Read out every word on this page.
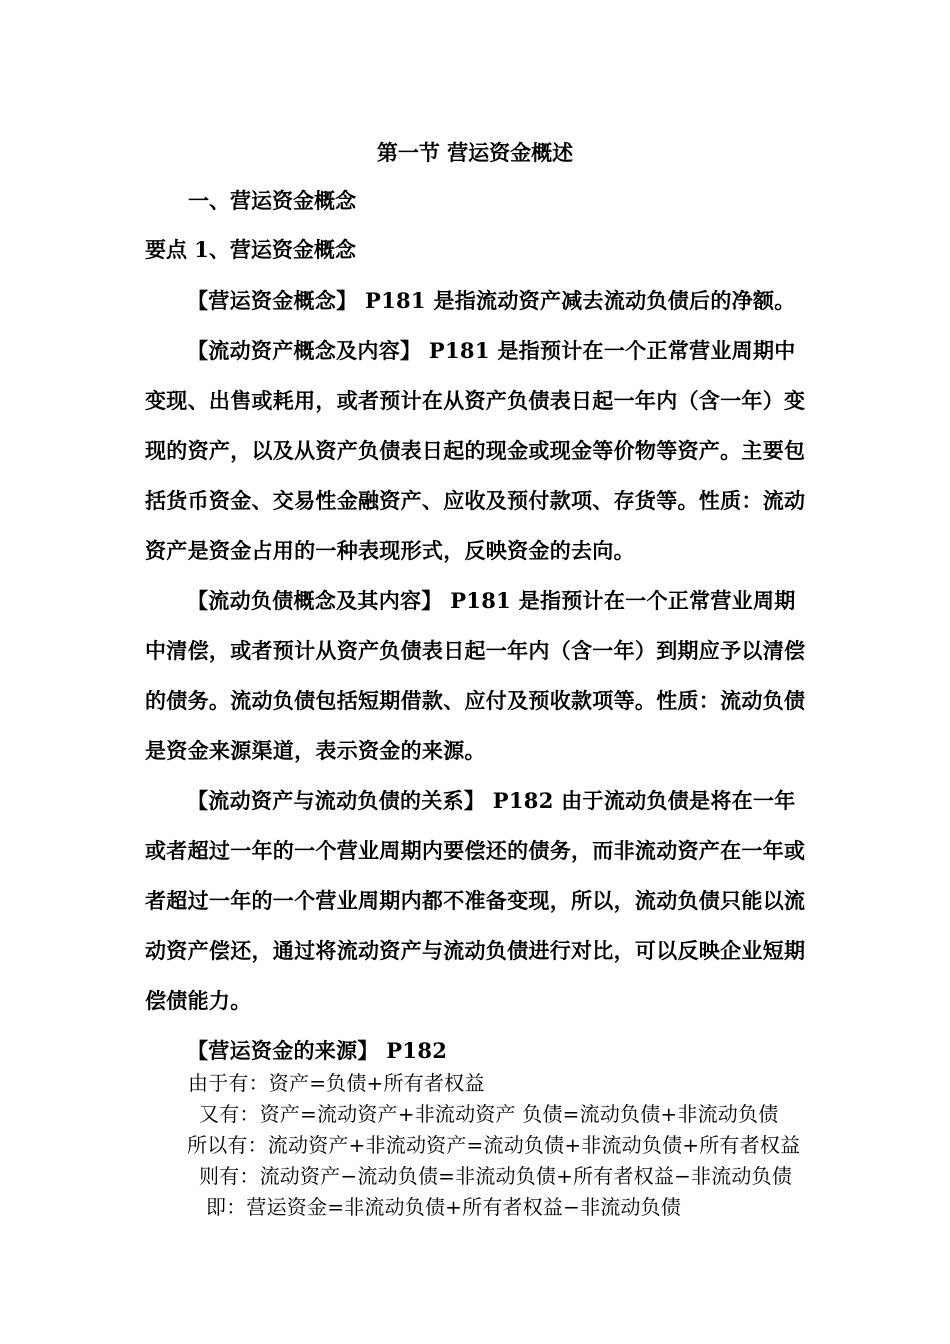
第一节 营运资金概述
一、营运资金概念
要点 1、营运资金概念

【营运资金概念】 P181 是指流动资产减去流动负债后的净额。

【流动资产概念及内容】 P181 是指预计在一个正常营业周期中变现、出售或耗用，或者预计在从资产负债表日起一年内（含一年）变现的资产，以及从资产负债表日起的现金或现金等价物等资产。主要包括货币资金、交易性金融资产、应收及预付款项、存货等。性质：流动资产是资金占用的一种表现形式，反映资金的去向。

【流动负债概念及其内容】 P181 是指预计在一个正常营业周期中清偿，或者预计从资产负债表日起一年内（含一年）到期应予以清偿的债务。流动负债包括短期借款、应付及预收款项等。性质：流动负债是资金来源渠道，表示资金的来源。

【流动资产与流动负债的关系】 P182 由于流动负债是将在一年或者超过一年的一个营业周期内要偿还的债务，而非流动资产在一年或者超过一年的一个营业周期内都不准备变现，所以，流动负债只能以流动资产偿还，通过将流动资产与流动负债进行对比，可以反映企业短期偿债能力。

【营运资金的来源】 P182

由于有：资产=负债+所有者权益
又有：资产=流动资产+非流动资产 负债=流动负债+非流动负债
所以有：流动资产+非流动资产=流动负债+非流动负债+所有者权益
则有：流动资产−流动负债=非流动负债+所有者权益−非流动负债
即：营运资金=非流动负债+所有者权益−非流动负债
